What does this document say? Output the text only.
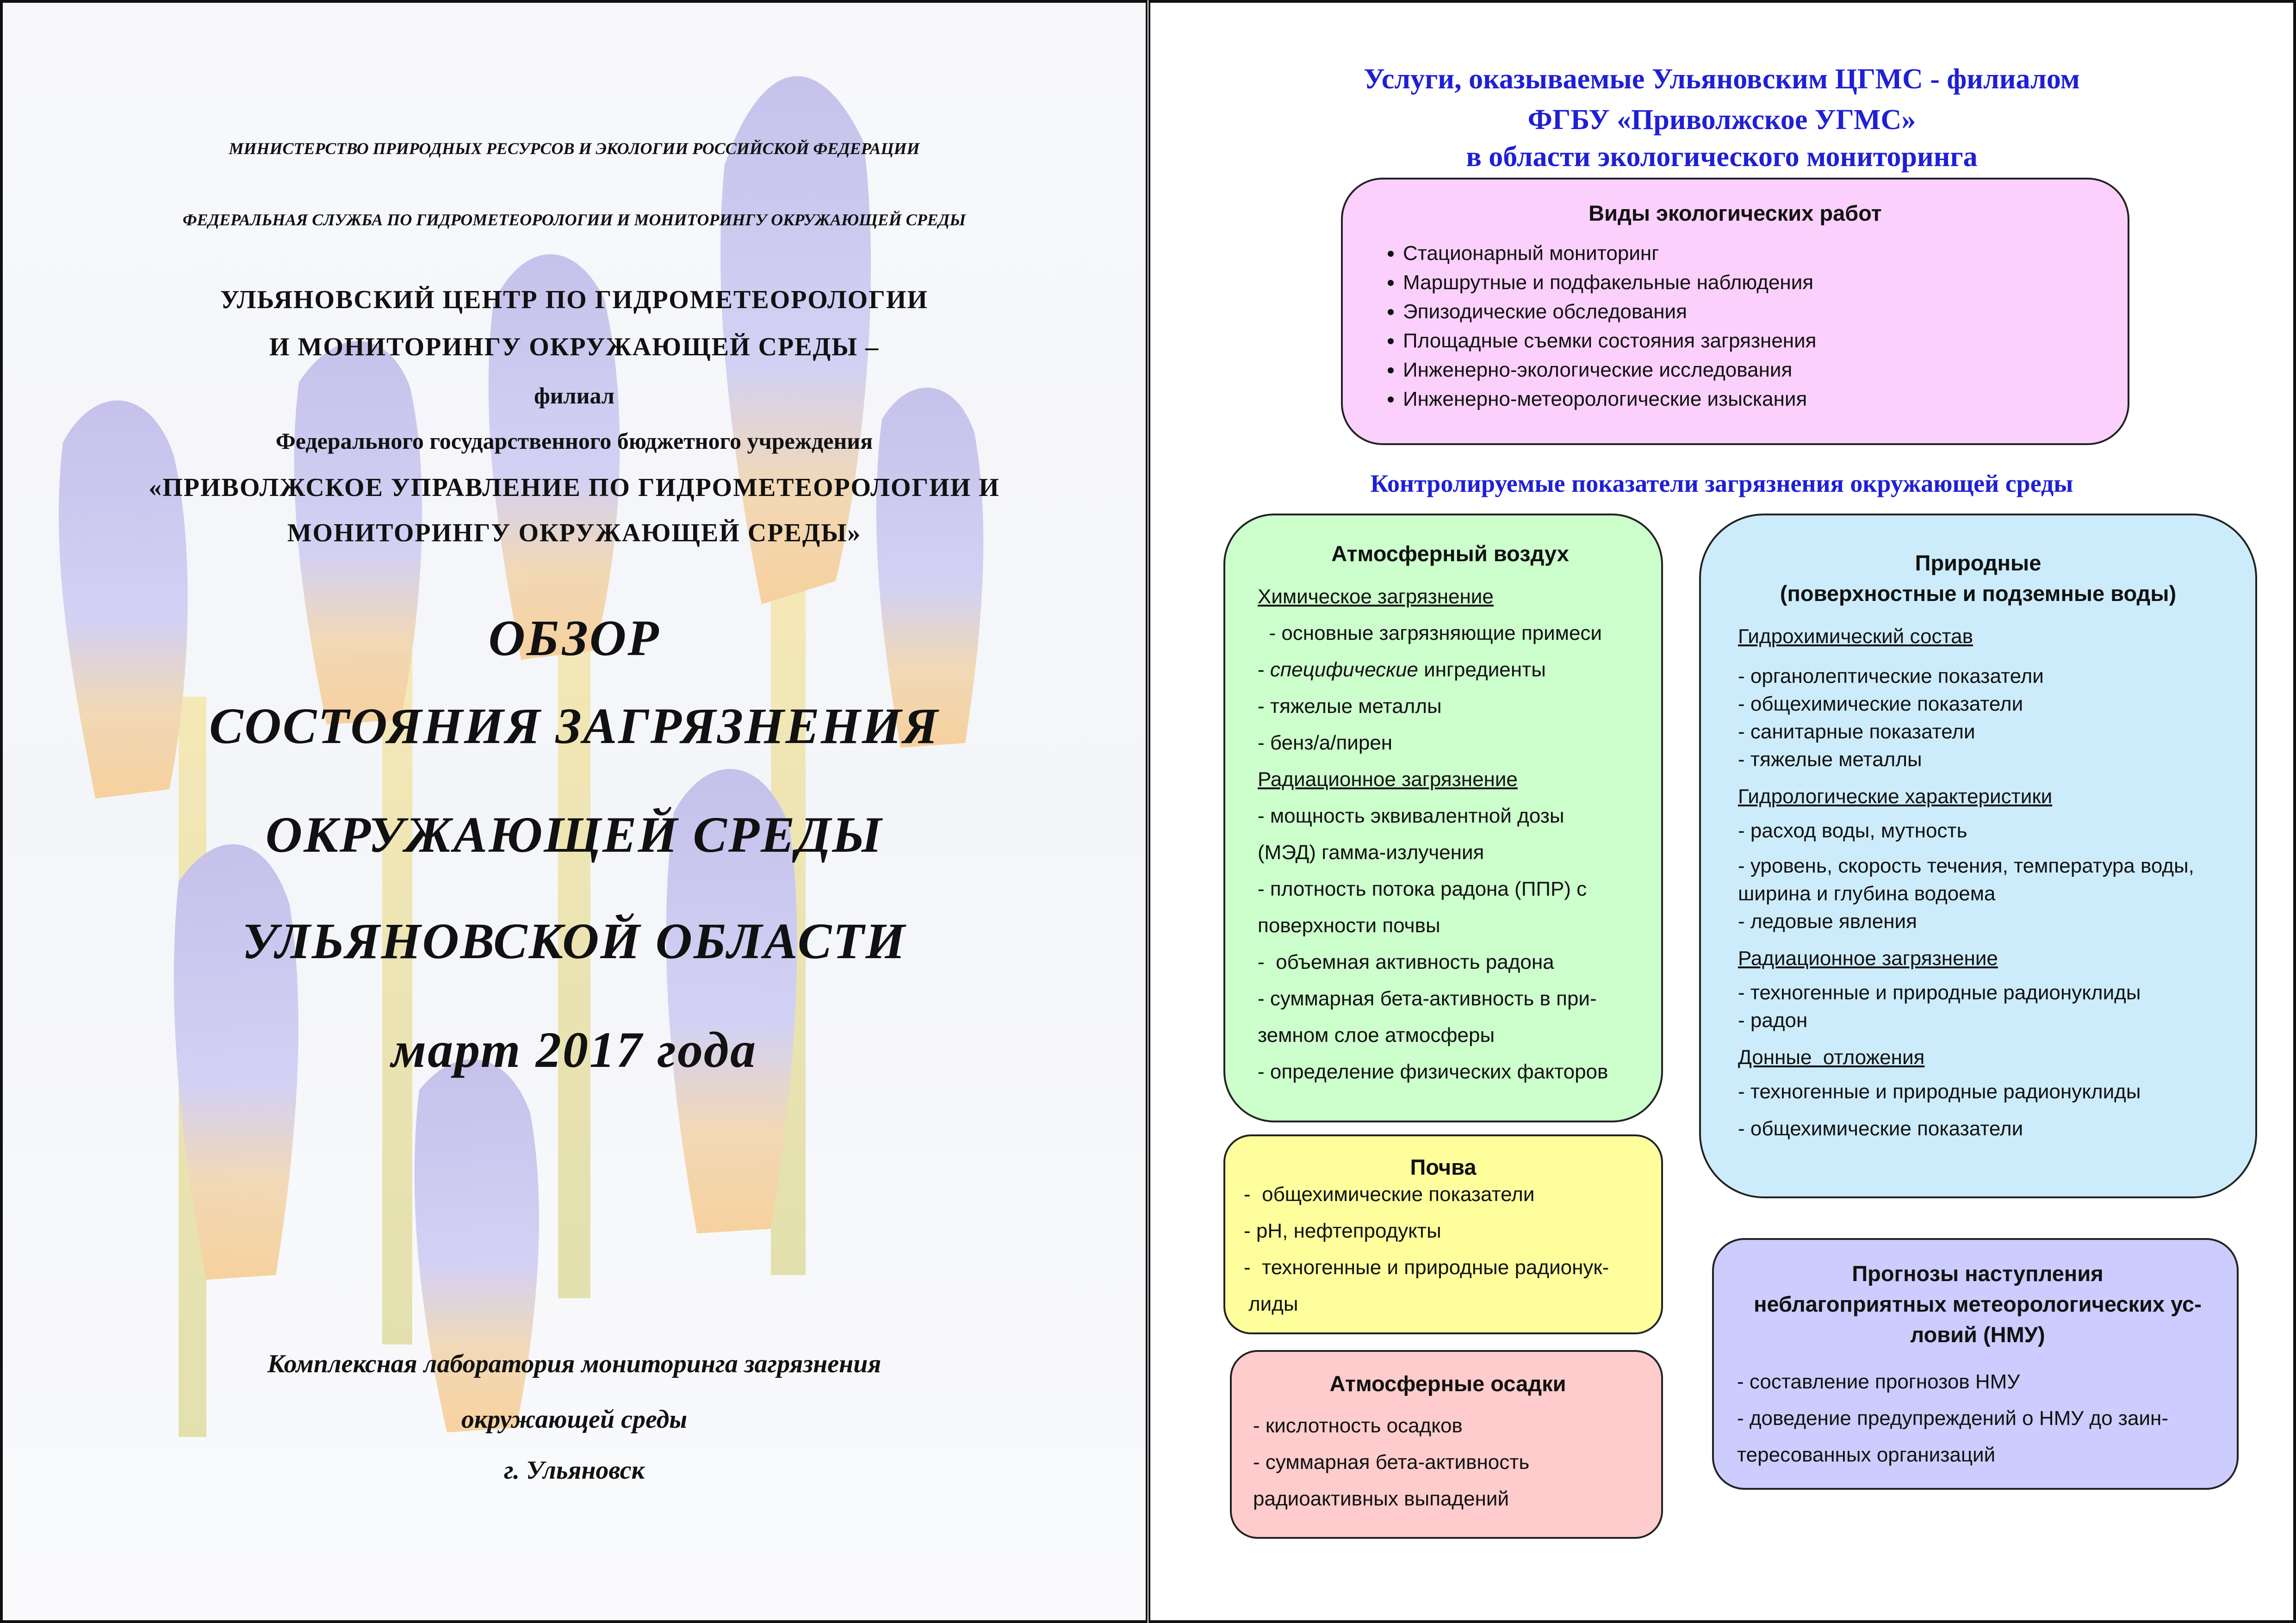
МИНИСТЕРСТВО ПРИРОДНЫХ РЕСУРСОВ И ЭКОЛОГИИ РОССИЙСКОЙ ФЕДЕРАЦИИ
ФЕДЕРАЛЬНАЯ СЛУЖБА ПО ГИДРОМЕТЕОРОЛОГИИ И МОНИТОРИНГУ ОКРУЖАЮЩЕЙ СРЕДЫ
УЛЬЯНОВСКИЙ ЦЕНТР ПО ГИДРОМЕТЕОРОЛОГИИ
И МОНИТОРИНГУ ОКРУЖАЮЩЕЙ СРЕДЫ –
филиал
Федерального государственного бюджетного учреждения
«ПРИВОЛЖСКОЕ УПРАВЛЕНИЕ ПО ГИДРОМЕТЕОРОЛОГИИ И
МОНИТОРИНГУ ОКРУЖАЮЩЕЙ СРЕДЫ»
ОБЗОР
СОСТОЯНИЯ ЗАГРЯЗНЕНИЯ
ОКРУЖАЮЩЕЙ СРЕДЫ
УЛЬЯНОВСКОЙ ОБЛАСТИ
март 2017 года
Комплексная лаборатория мониторинга загрязнения
окружающей среды
г. Ульяновск
Услуги, оказываемые Ульяновским ЦГМС - филиалом
ФГБУ «Приволжское УГМС»
в области экологического мониторинга
Виды экологических работ
• Стационарный мониторинг
• Маршрутные и подфакельные наблюдения
• Эпизодические обследования
• Площадные съемки состояния загрязнения
• Инженерно-экологические исследования
• Инженерно-метеорологические изыскания
Контролируемые показатели загрязнения окружающей среды
Атмосферный воздух
Химическое загрязнение
- основные загрязняющие примеси
- специфические ингредиенты
- тяжелые металлы
- бенз/а/пирен
Радиационное загрязнение
- мощность эквивалентной дозы
(МЭД) гамма-излучения
- плотность потока радона (ППР) с
поверхности почвы
-  объемная активность радона
- суммарная бета-активность в при-
земном слое атмосферы
- определение физических факторов
Природные
(поверхностные и подземные воды)
Гидрохимический состав
- органолептические показатели
- общехимические показатели
- санитарные показатели
- тяжелые металлы
Гидрологические характеристики
- расход воды, мутность
- уровень, скорость течения, температура воды,
ширина и глубина водоема
- ледовые явления
Радиационное загрязнение
- техногенные и природные радионуклиды
- радон
Донные  отложения
- техногенные и природные радионуклиды
- общехимические показатели
Почва
-  общехимические показатели
- pH, нефтепродукты
-  техногенные и природные радионук-
лиды
Атмосферные осадки
- кислотность осадков
- суммарная бета-активность
радиоактивных выпадений
Прогнозы наступления
неблагоприятных метеорологических ус-
ловий (НМУ)
- составление прогнозов НМУ
- доведение предупреждений о НМУ до заин-
тересованных организаций
